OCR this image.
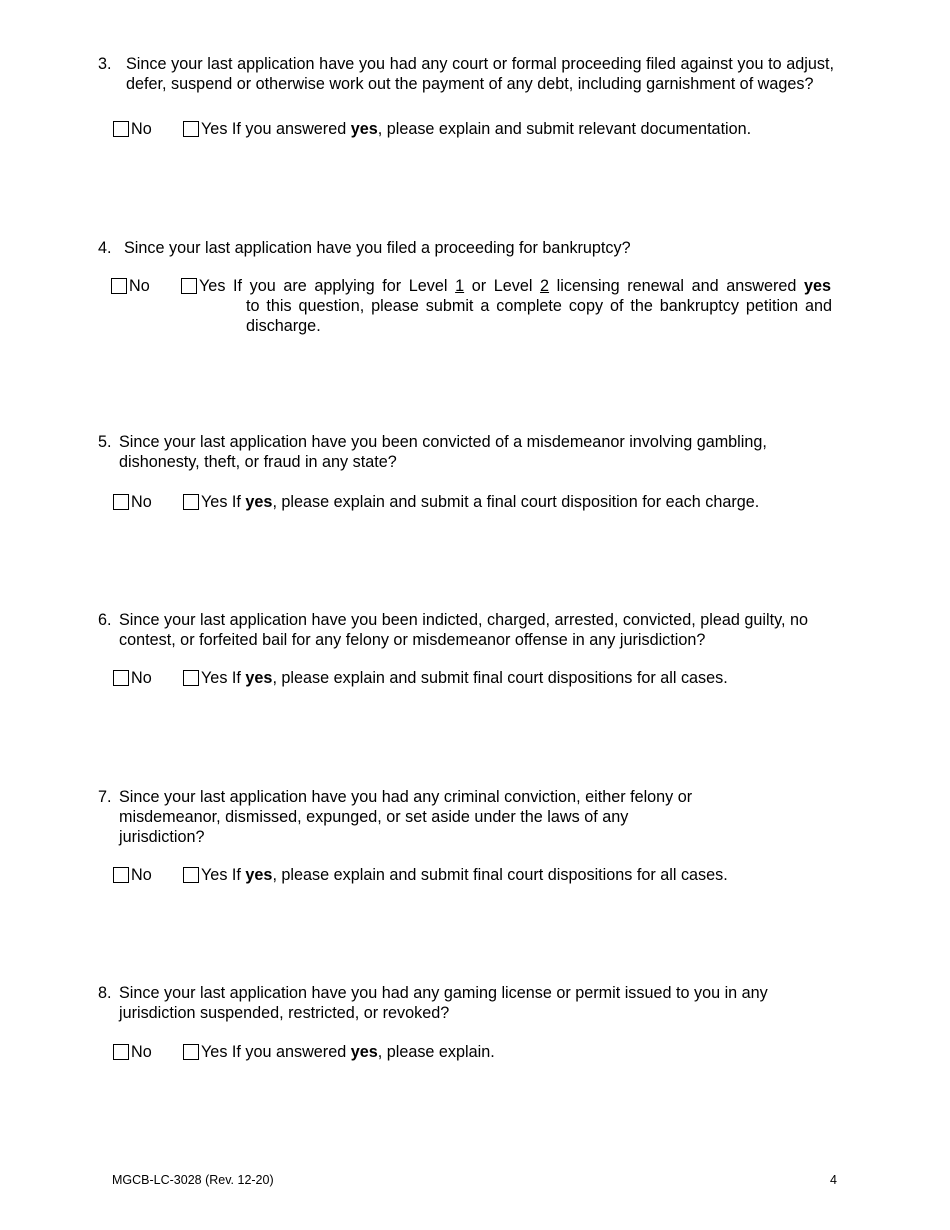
3. Since your last application have you had any court or formal proceeding filed against you to adjust, defer, suspend or otherwise work out the payment of any debt, including garnishment of wages?
No	Yes If you answered yes, please explain and submit relevant documentation.
4. Since your last application have you filed a proceeding for bankruptcy?
No	Yes If you are applying for Level 1 or Level 2 licensing renewal and answered yes
to this question, please submit a complete copy of the bankruptcy petition and discharge.
5. Since your last application have you been convicted of a misdemeanor involving gambling, dishonesty, theft, or fraud in any state?
No	Yes If yes, please explain and submit a final court disposition for each charge.
6. Since your last application have you been indicted, charged, arrested, convicted, plead guilty, no contest, or forfeited bail for any felony or misdemeanor offense in any jurisdiction?
No	Yes If yes, please explain and submit final court dispositions for all cases.
7. Since your last application have you had any criminal conviction, either felony or
misdemeanor, dismissed, expunged, or set aside under the laws of any
jurisdiction?
No	Yes If yes, please explain and submit final court dispositions for all cases.
8. Since your last application have you had any gaming license or permit issued to you in any jurisdiction suspended, restricted, or revoked?
No	Yes If you answered yes, please explain.
MGCB-LC-3028 (Rev. 12-20)	4
